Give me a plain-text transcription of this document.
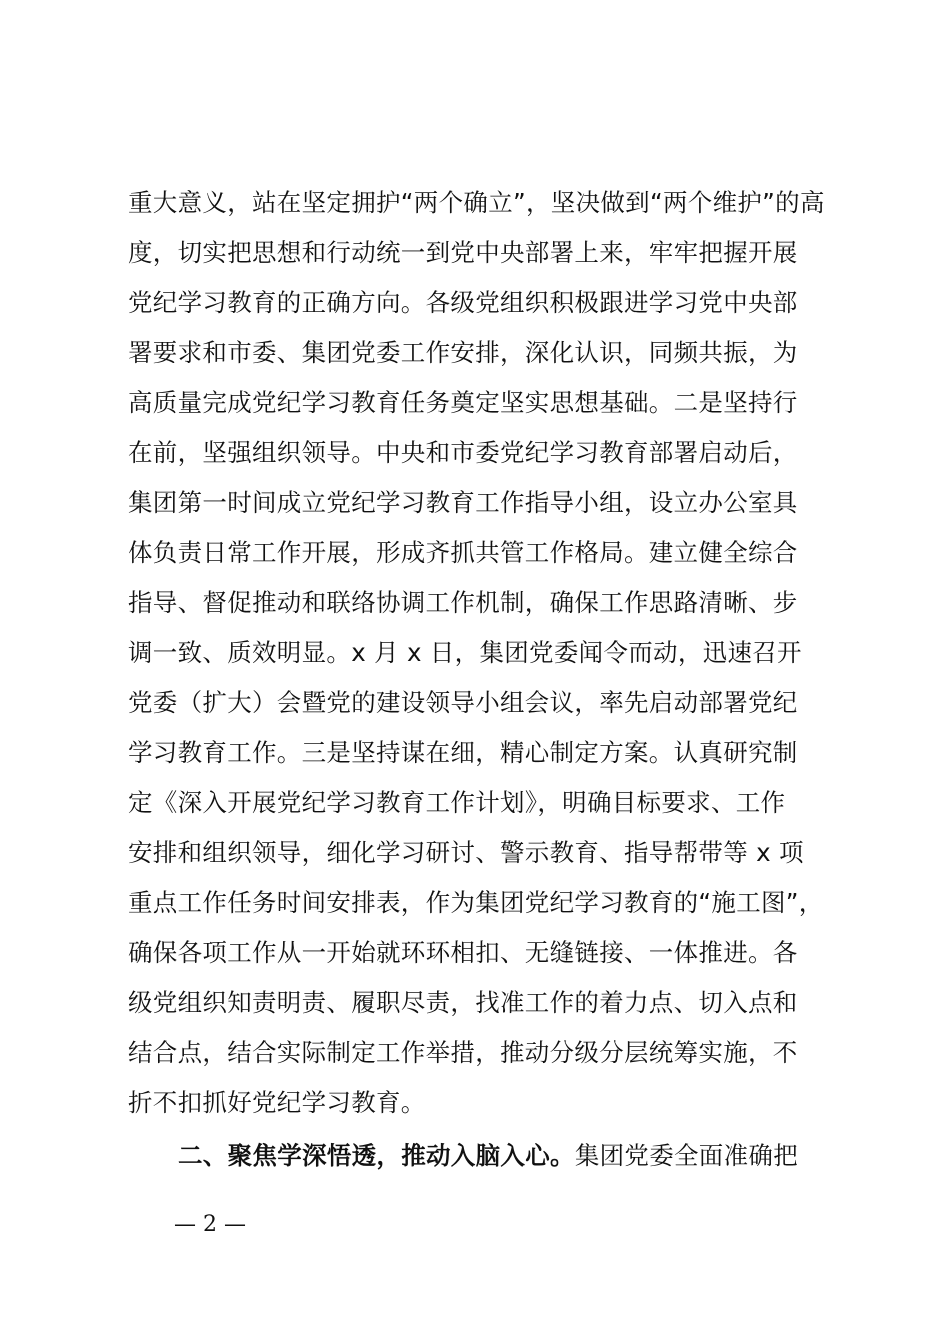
重大意义，站在坚定拥护“两个确立”，坚决做到“两个维护”的高
度，切实把思想和行动统一到党中央部署上来，牢牢把握开展
党纪学习教育的正确方向。各级党组织积极跟进学习党中央部
署要求和市委、集团党委工作安排，深化认识，同频共振，为
高质量完成党纪学习教育任务奠定坚实思想基础。二是坚持行
在前，坚强组织领导。中央和市委党纪学习教育部署启动后，
集团第一时间成立党纪学习教育工作指导小组，设立办公室具
体负责日常工作开展，形成齐抓共管工作格局。建立健全综合
指导、督促推动和联络协调工作机制，确保工作思路清晰、步
调一致、质效明显。x 月 x 日，集团党委闻令而动，迅速召开
党委（扩大）会暨党的建设领导小组会议，率先启动部署党纪
学习教育工作。三是坚持谋在细，精心制定方案。认真研究制
定《深入开展党纪学习教育工作计划》，明确目标要求、工作
安排和组织领导，细化学习研讨、警示教育、指导帮带等 x 项
重点工作任务时间安排表，作为集团党纪学习教育的“施工图”，
确保各项工作从一开始就环环相扣、无缝链接、一体推进。各
级党组织知责明责、履职尽责，找准工作的着力点、切入点和
结合点，结合实际制定工作举措，推动分级分层统筹实施，不
折不扣抓好党纪学习教育。
二、聚焦学深悟透，推动入脑入心。集团党委全面准确把
— 2 —
